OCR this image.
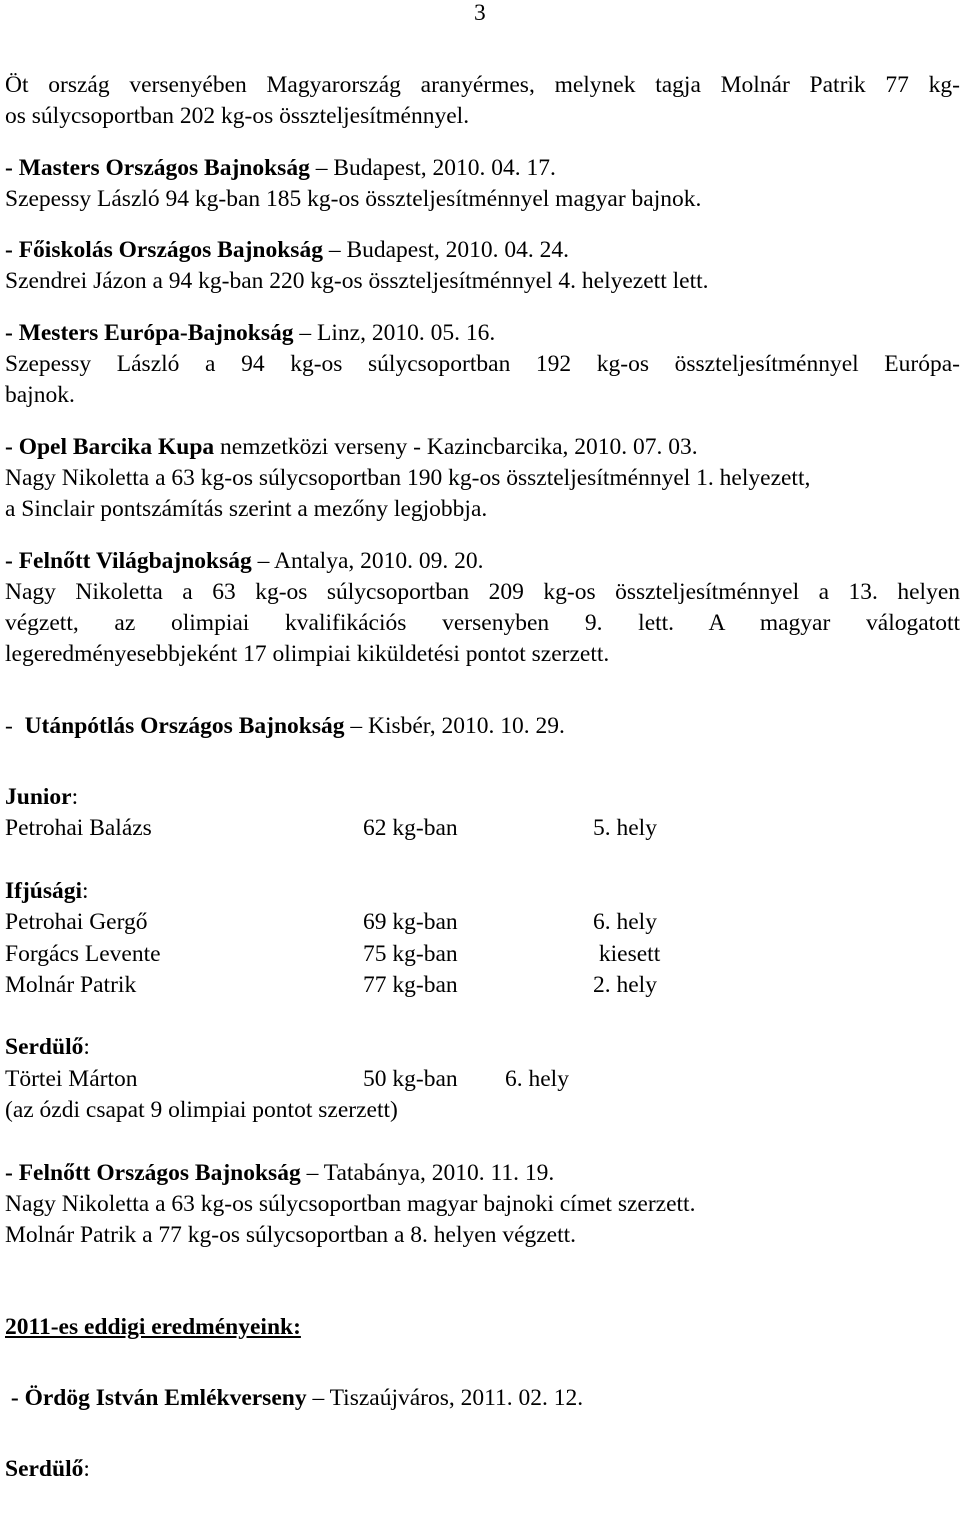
3
Öt ország versenyében Magyarország aranyérmes, melynek tagja Molnár Patrik 77 kg-
os súlycsoportban 202 kg-os összteljesítménnyel.
- Masters Országos Bajnokság – Budapest, 2010. 04. 17.
Szepessy László 94 kg-ban 185 kg-os összteljesítménnyel magyar bajnok.
- Főiskolás Országos Bajnokság – Budapest, 2010. 04. 24.
Szendrei Jázon a 94 kg-ban 220 kg-os összteljesítménnyel 4. helyezett lett.
- Mesters Európa-Bajnokság – Linz, 2010. 05. 16.
Szepessy László a 94 kg-os súlycsoportban 192 kg-os összteljesítménnyel Európa-
bajnok.
- Opel Barcika Kupa nemzetközi verseny - Kazincbarcika, 2010. 07. 03.
Nagy Nikoletta a 63 kg-os súlycsoportban 190 kg-os összteljesítménnyel 1. helyezett,
a Sinclair pontszámítás szerint a mezőny legjobbja.
- Felnőtt Világbajnokság – Antalya, 2010. 09. 20.
Nagy Nikoletta a 63 kg-os súlycsoportban 209 kg-os összteljesítménnyel a 13. helyen
végzett, az olimpiai kvalifikációs versenyben 9. lett. A magyar válogatott
legeredményesebbjeként 17 olimpiai kiküldetési pontot szerzett.
-  Utánpótlás Országos Bajnokság – Kisbér, 2010. 10. 29.
Junior:
Petrohai Balázs	62 kg-ban	5. hely
Ifjúsági:
Petrohai Gergő	69 kg-ban	6. hely
Forgács Levente	75 kg-ban	kiesett
Molnár Patrik	77 kg-ban	2. hely
Serdülő:
Törtei Márton	50 kg-ban 6. hely
(az ózdi csapat 9 olimpiai pontot szerzett)
- Felnőtt Országos Bajnokság – Tatabánya, 2010. 11. 19.
Nagy Nikoletta a 63 kg-os súlycsoportban magyar bajnoki címet szerzett.
Molnár Patrik a 77 kg-os súlycsoportban a 8. helyen végzett.
2011-es eddigi eredményeink:
- Ördög István Emlékverseny – Tiszaújváros, 2011. 02. 12.
Serdülő:
